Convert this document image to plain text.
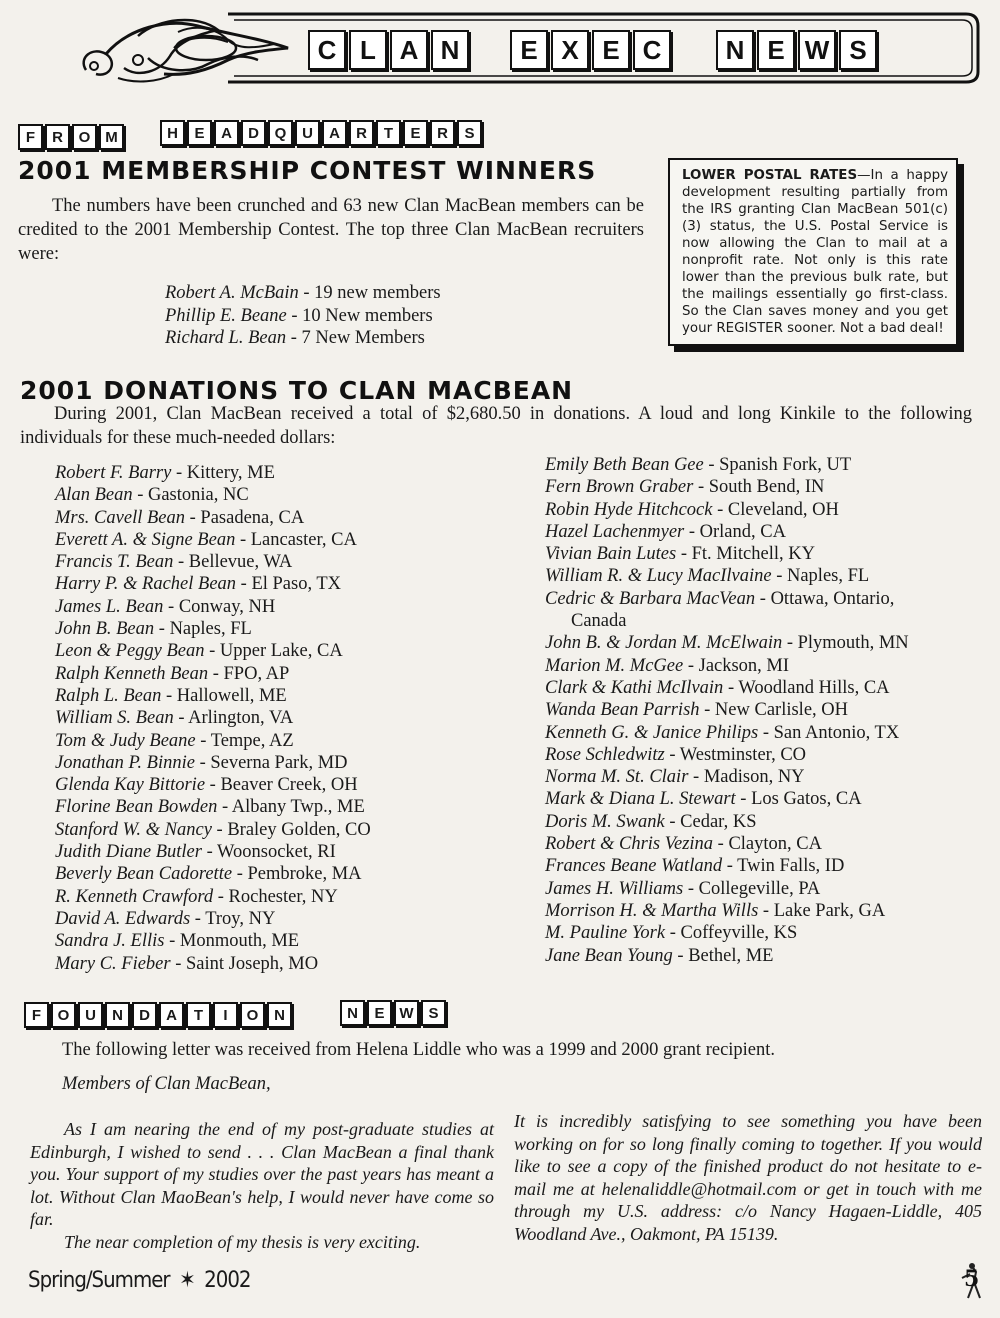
C L A N E X E C N E W S
F	R	O M	H	E	A	D	Q	U	A	R	T	E	R	S
2001 MEMBERSHIP CONTEST WINNERS
The numbers have been crunched and 63 new Clan MacBean members can be credited to the 2001 Membership Contest. The top three Clan MacBean recruiters were:
Robert A. McBain - 19 new members
Phillip E. Beane - 10 New members
Richard L. Bean - 7 New Members
LOWER POSTAL RATES—In a happy development resulting partially from the IRS granting Clan MacBean 501(c)(3) status, the U.S. Postal Service is now allowing the Clan to mail at a nonprofit rate. Not only is this rate lower than the previous bulk rate, but the mailings essentially go first-class. So the Clan saves money and you get your REGISTER sooner. Not a bad deal!
2001 DONATIONS TO CLAN MACBEAN
During 2001, Clan MacBean received a total of $2,680.50 in donations. A loud and long Kinkile to the following individuals for these much-needed dollars:
Robert F. Barry - Kittery, ME
Alan Bean - Gastonia, NC
Mrs. Cavell Bean - Pasadena, CA
Everett A. & Signe Bean - Lancaster, CA
Francis T. Bean - Bellevue, WA
Harry P. & Rachel Bean - El Paso, TX
James L. Bean - Conway, NH
John B. Bean - Naples, FL
Leon & Peggy Bean - Upper Lake, CA
Ralph Kenneth Bean - FPO, AP
Ralph L. Bean - Hallowell, ME
William S. Bean - Arlington, VA
Tom & Judy Beane - Tempe, AZ
Jonathan P. Binnie - Severna Park, MD
Glenda Kay Bittorie - Beaver Creek, OH
Florine Bean Bowden - Albany Twp., ME
Stanford W. & Nancy - Braley Golden, CO
Judith Diane Butler - Woonsocket, RI
Beverly Bean Cadorette - Pembroke, MA
R. Kenneth Crawford - Rochester, NY
David A. Edwards - Troy, NY
Sandra J. Ellis - Monmouth, ME
Mary C. Fieber - Saint Joseph, MO
Emily Beth Bean Gee - Spanish Fork, UT
Fern Brown Graber - South Bend, IN
Robin Hyde Hitchcock - Cleveland, OH
Hazel Lachenmyer - Orland, CA
Vivian Bain Lutes - Ft. Mitchell, KY
William R. & Lucy MacIlvaine - Naples, FL
Cedric & Barbara MacVean - Ottawa, Ontario,
Canada
John B. & Jordan M. McElwain - Plymouth, MN
Marion M. McGee - Jackson, MI
Clark & Kathi McIlvain - Woodland Hills, CA
Wanda Bean Parrish - New Carlisle, OH
Kenneth G. & Janice Philips - San Antonio, TX
Rose Schledwitz - Westminster, CO
Norma M. St. Clair - Madison, NY
Mark & Diana L. Stewart - Los Gatos, CA
Doris M. Swank - Cedar, KS
Robert & Chris Vezina - Clayton, CA
Frances Beane Watland - Twin Falls, ID
James H. Williams - Collegeville, PA
Morrison H. & Martha Wills - Lake Park, GA
M. Pauline York - Coffeyville, KS
Jane Bean Young - Bethel, ME
F	O	U	N	D	A	T	I	O	N	N	E W S
The following letter was received from Helena Liddle who was a 1999 and 2000 grant recipient.
Members of Clan MacBean,
As I am nearing the end of my post-graduate studies at Edinburgh, I wished to send . . . Clan MacBean a final thank you. Your support of my studies over the past years has meant a lot. Without Clan MaoBean's help, I would never have come so far.
The near completion of my thesis is very exciting.
It is incredibly satisfying to see something you have been working on for so long finally coming to together. If you would like to see a copy of the finished product do not hesitate to e-mail me at helenaliddle@hotmail.com or get in touch with me through my U.S. address: c/o Nancy Hagaen-Liddle, 405 Woodland Ave., Oakmont, PA 15139.
Spring/Summer ✶ 2002	5
